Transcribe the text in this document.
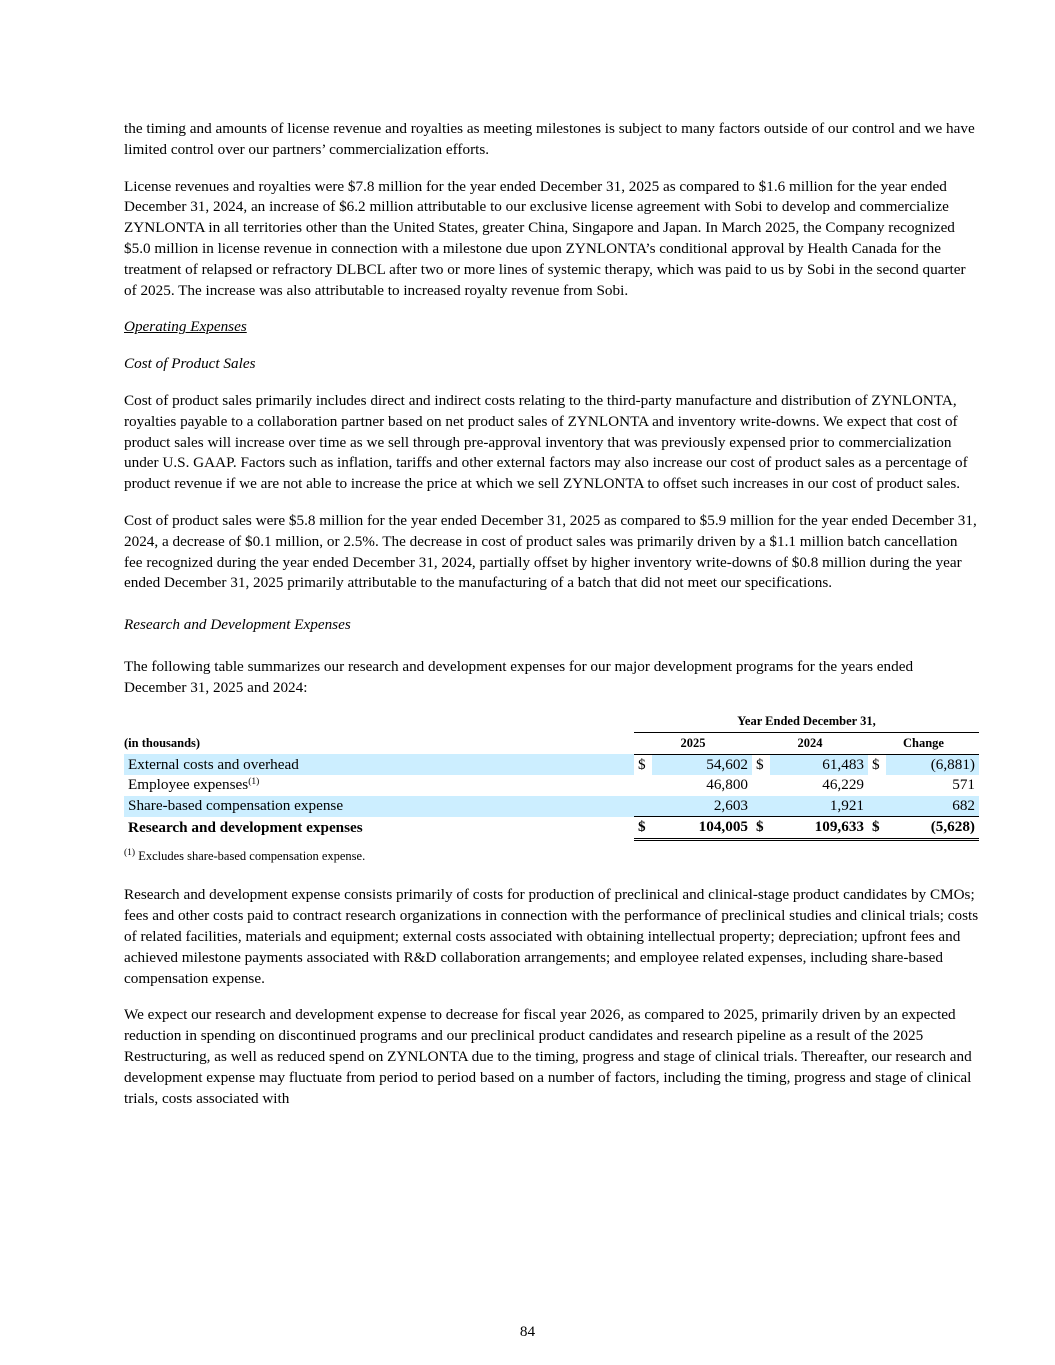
the timing and amounts of license revenue and royalties as meeting milestones is subject to many factors outside of our control and we have limited control over our partners’ commercialization efforts.

License revenues and royalties were $7.8 million for the year ended December 31, 2025 as compared to $1.6 million for the year ended December 31, 2024, an increase of $6.2 million attributable to our exclusive license agreement with Sobi to develop and commercialize ZYNLONTA in all territories other than the United States, greater China, Singapore and Japan. In March 2025, the Company recognized $5.0 million in license revenue in connection with a milestone due upon ZYNLONTA’s conditional approval by Health Canada for the treatment of relapsed or refractory DLBCL after two or more lines of systemic therapy, which was paid to us by Sobi in the second quarter of 2025. The increase was also attributable to increased royalty revenue from Sobi.

Operating Expenses

Cost of Product Sales

Cost of product sales primarily includes direct and indirect costs relating to the third-party manufacture and distribution of ZYNLONTA, royalties payable to a collaboration partner based on net product sales of ZYNLONTA and inventory write-downs. We expect that cost of product sales will increase over time as we sell through pre-approval inventory that was previously expensed prior to commercialization under U.S. GAAP. Factors such as inflation, tariffs and other external factors may also increase our cost of product sales as a percentage of product revenue if we are not able to increase the price at which we sell ZYNLONTA to offset such increases in our cost of product sales.

Cost of product sales were $5.8 million for the year ended December 31, 2025 as compared to $5.9 million for the year ended December 31, 2024, a decrease of $0.1 million, or 2.5%. The decrease in cost of product sales was primarily driven by a $1.1 million batch cancellation fee recognized during the year ended December 31, 2024, partially offset by higher inventory write-downs of $0.8 million during the year ended December 31, 2025 primarily attributable to the manufacturing of a batch that did not meet our specifications.

Research and Development Expenses

The following table summarizes our research and development expenses for our major development programs for the years ended December 31, 2025 and 2024:

	Year Ended December 31,					
(in thousands)	2025		2024		Change	
External costs and overhead	$	54,602	$	61,483	$	(6,881)
Employee expenses$^{(1)}$		46,800		46,229		571
Share-based compensation expense		2,603		1,921		682
Research and development expenses	$	104,005	$	109,633	$	(5,628)

$^{(1)}$ Excludes share-based compensation expense.

Research and development expense consists primarily of costs for production of preclinical and clinical-stage product candidates by CMOs; fees and other costs paid to contract research organizations in connection with the performance of preclinical studies and clinical trials; costs of related facilities, materials and equipment; external costs associated with obtaining intellectual property; depreciation; upfront fees and achieved milestone payments associated with R&D collaboration arrangements; and employee related expenses, including share-based compensation expense.

We expect our research and development expense to decrease for fiscal year 2026, as compared to 2025, primarily driven by an expected reduction in spending on discontinued programs and our preclinical product candidates and research pipeline as a result of the 2025 Restructuring, as well as reduced spend on ZYNLONTA due to the timing, progress and stage of clinical trials. Thereafter, our research and development expense may fluctuate from period to period based on a number of factors, including the timing, progress and stage of clinical trials, costs associated with

84
